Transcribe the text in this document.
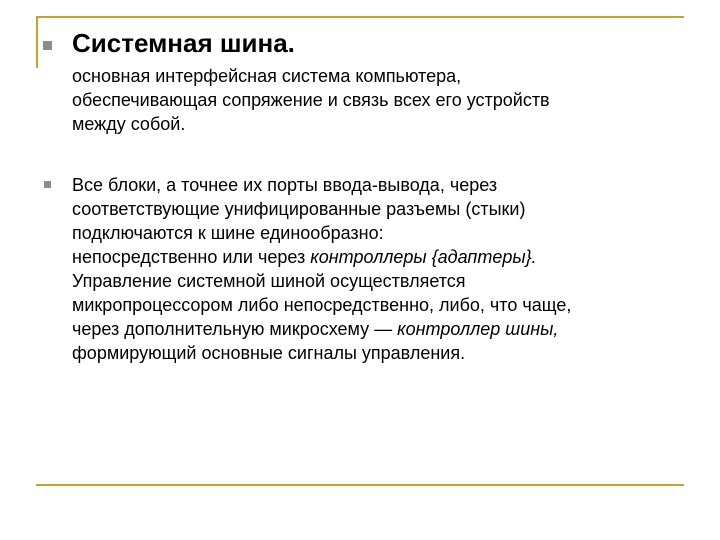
Системная шина.

основная интерфейсная система компьютера,
обеспечивающая сопряжение и связь всех его устройств
между собой.

Все блоки, а точнее их порты ввода-вывода, через
соответствующие унифицированные разъемы (стыки)
подключаются к шине единообразно:
непосредственно или через контроллеры {адаптеры}.
Управление системной шиной осуществляется
микропроцессором либо непосредственно, либо, что чаще,
через дополнительную микросхему — контроллер шины,
формирующий основные сигналы управления.
